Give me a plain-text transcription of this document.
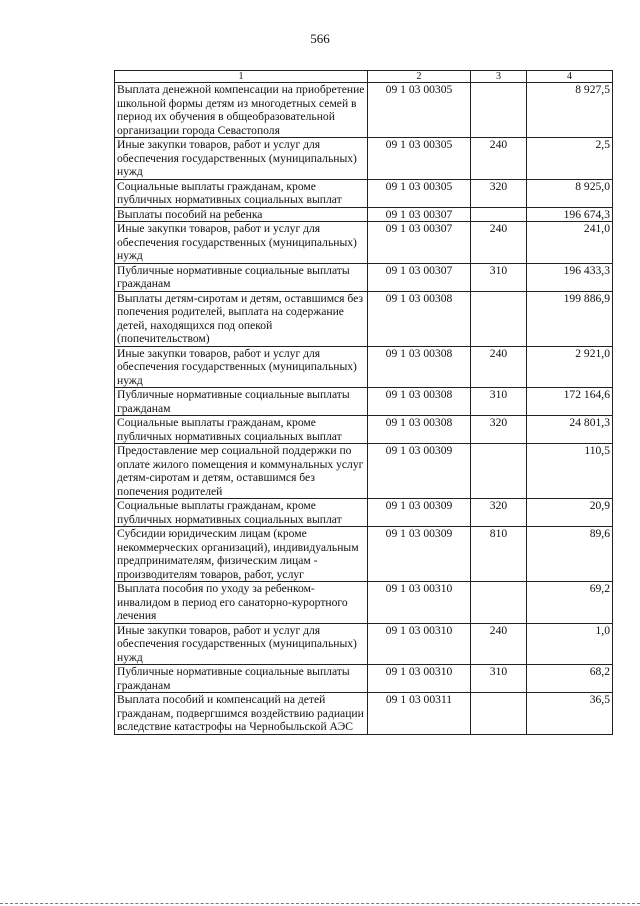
566
1	2	3	4
Выплата денежной компенсации на приобретение школьной формы детям из многодетных семей в период их обучения в общеобразовательной организации города Севастополя	09 1 03 00305		8 927,5
Иные закупки товаров, работ и услуг для обеспечения государственных (муниципальных) нужд	09 1 03 00305	240	2,5
Социальные выплаты гражданам, кроме публичных нормативных социальных выплат	09 1 03 00305	320	8 925,0
Выплаты пособий на ребенка	09 1 03 00307		196 674,3
Иные закупки товаров, работ и услуг для обеспечения государственных (муниципальных) нужд	09 1 03 00307	240	241,0
Публичные нормативные социальные выплаты гражданам	09 1 03 00307	310	196 433,3
Выплаты детям-сиротам и детям, оставшимся без попечения родителей, выплата на содержание детей, находящихся под опекой (попечительством)	09 1 03 00308		199 886,9
Иные закупки товаров, работ и услуг для обеспечения государственных (муниципальных) нужд	09 1 03 00308	240	2 921,0
Публичные нормативные социальные выплаты гражданам	09 1 03 00308	310	172 164,6
Социальные выплаты гражданам, кроме публичных нормативных социальных выплат	09 1 03 00308	320	24 801,3
Предоставление мер социальной поддержки по оплате жилого помещения и коммунальных услуг детям-сиротам и детям, оставшимся без попечения родителей	09 1 03 00309		110,5
Социальные выплаты гражданам, кроме публичных нормативных социальных выплат	09 1 03 00309	320	20,9
Субсидии юридическим лицам (кроме некоммерческих организаций), индивидуальным предпринимателям, физическим лицам - производителям товаров, работ, услуг	09 1 03 00309	810	89,6
Выплата пособия по уходу за ребенком-инвалидом в период его санаторно-курортного лечения	09 1 03 00310		69,2
Иные закупки товаров, работ и услуг для обеспечения государственных (муниципальных) нужд	09 1 03 00310	240	1,0
Публичные нормативные социальные выплаты гражданам	09 1 03 00310	310	68,2
Выплата пособий и компенсаций на детей гражданам, подвергшимся воздействию радиации вследствие катастрофы на Чернобыльской АЭС	09 1 03 00311		36,5
